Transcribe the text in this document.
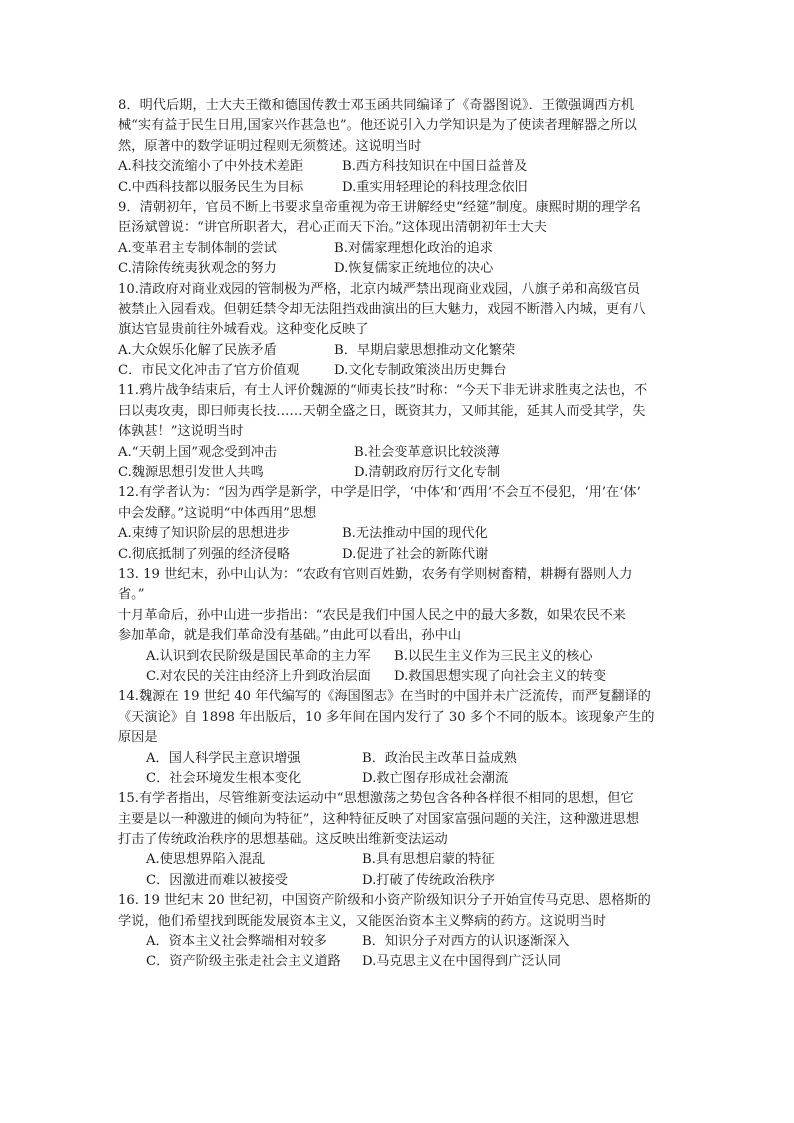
8．明代后期，士大夫王徵和德国传教士邓玉函共同编译了《奇器图说》．王徵强调西方机
械“实有益于民生日用,国家兴作甚急也”。他还说引入力学知识是为了使读者理解器之所以
然，原著中的数学证明过程则无须赘述。这说明当时
A.科技交流缩小了中外技术差距	B.西方科技知识在中国日益普及
C.中西科技都以服务民生为目标	D.重实用轻理论的科技理念依旧
9．清朝初年，官员不断上书要求皇帝重视为帝王讲解经史“经筵”制度。康熙时期的理学名
臣汤斌曾说：“讲官所职者大，君心正而天下治。”这体现出清朝初年士大夫
A.变革君主专制体制的尝试	B.对儒家理想化政治的追求
C.清除传统夷狄观念的努力	D.恢复儒家正统地位的决心
10.清政府对商业戏园的管制极为严格，北京内城严禁出现商业戏园，八旗子弟和高级官员
被禁止入园看戏。但朝廷禁令却无法阻挡戏曲演出的巨大魅力，戏园不断潜入内城，更有八
旗达官显贵前往外城看戏。这种变化反映了
A.大众娱乐化解了民族矛盾	B．早期启蒙思想推动文化繁荣
C．市民文化冲击了官方价值观	D.文化专制政策淡出历史舞台
11.鸦片战争结束后，有士人评价魏源的“师夷长技”时称：“今天下非无讲求胜夷之法也，不
曰以夷攻夷，即曰师夷长技……天朝全盛之日，既资其力，又师其能，延其人而受其学，失
体孰甚！”这说明当时
A.“天朝上国”观念受到冲击	B.社会变革意识比较淡薄
C.魏源思想引发世人共鸣	D.清朝政府厉行文化专制
12.有学者认为：“因为西学是新学，中学是旧学，‘中体’和‘西用’不会互不侵犯，‘用’在‘体’
中会发酵。”这说明“中体西用”思想
A.束缚了知识阶层的思想进步	B.无法推动中国的现代化
C.彻底抵制了列强的经济侵略	D.促进了社会的新陈代谢
13. 19 世纪末，孙中山认为：“农政有官则百姓勤，农务有学则树畜精，耕耨有器则人力
省。”
十月革命后，孙中山进一步指出：“农民是我们中国人民之中的最大多数，如果农民不来
参加革命，就是我们革命没有基础。”由此可以看出，孙中山
A.认识到农民阶级是国民革命的主力军	B.以民生主义作为三民主义的核心
C.对农民的关注由经济上升到政治层面	D.救国思想实现了向社会主义的转变
14.魏源在 19 世纪 40 年代编写的《海国图志》在当时的中国并未广泛流传，而严复翻译的
《天演论》自 1898 年出版后，10 多年间在国内发行了 30 多个不同的版本。该现象产生的
原因是
A．国人科学民主意识增强	B．政治民主改革日益成熟
C．社会环境发生根本变化	D.救亡图存形成社会潮流
15.有学者指出，尽管维新变法运动中“思想激荡之势包含各种各样很不相同的思想，但它
主要是以一种激进的倾向为特征”，这种特征反映了对国家富强问题的关注，这种激进思想
打击了传统政治秩序的思想基础。这反映出维新变法运动
A.使思想界陷入混乱	B.具有思想启蒙的特征
C．因激进而难以被接受	D.打破了传统政治秩序
16. 19 世纪末 20 世纪初，中国资产阶级和小资产阶级知识分子开始宣传马克思、恩格斯的
学说，他们希望找到既能发展资本主义，又能医治资本主义弊病的药方。这说明当时
A．资本主义社会弊端相对较多	B．知识分子对西方的认识逐渐深入
C．资产阶级主张走社会主义道路	D.马克思主义在中国得到广泛认同
